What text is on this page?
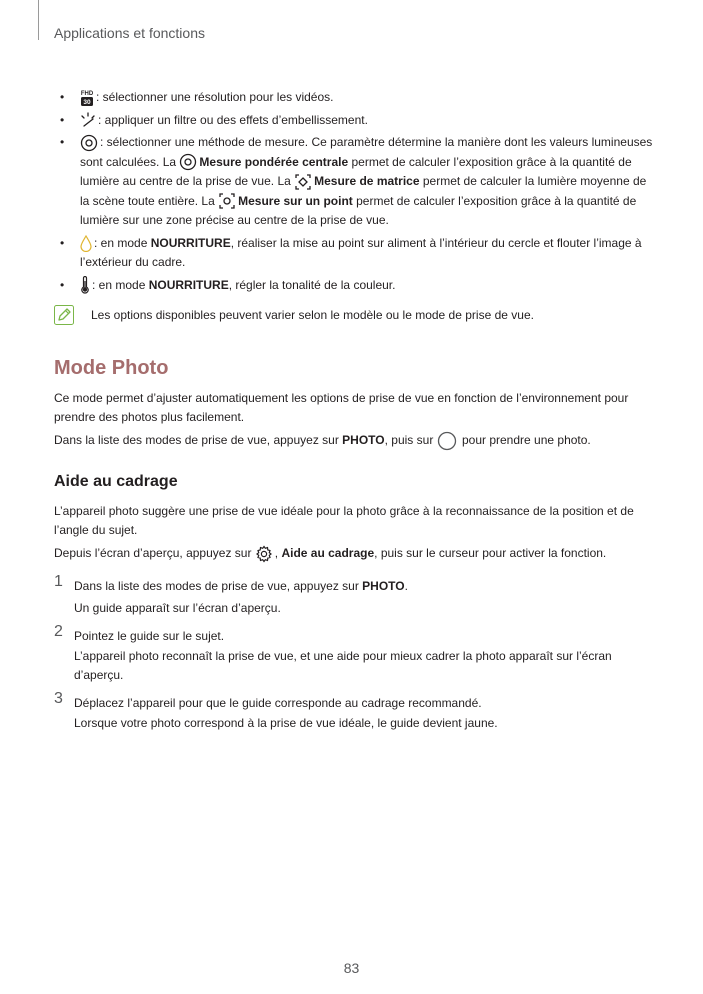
Applications et fonctions
•	FHD
30 : sélectionner une résolution pour les vidéos.
•	: appliquer un filtre ou des effets d’embellissement.
•	: sélectionner une méthode de mesure. Ce paramètre détermine la manière dont les valeurs lumineuses sont calculées. La Mesure pondérée centrale permet de calculer l’exposition grâce à la quantité de lumière au centre de la prise de vue. La Mesure de matrice permet de calculer la lumière moyenne de la scène toute entière. La Mesure sur un point permet de calculer l’exposition grâce à la quantité de lumière sur une zone précise au centre de la prise de vue.
• : en mode NOURRITURE, réaliser la mise au point sur aliment à l’intérieur du cercle et flouter l’image à l’extérieur du cadre.
• : en mode NOURRITURE, régler la tonalité de la couleur.
Les options disponibles peuvent varier selon le modèle ou le mode de prise de vue.
Mode Photo

Ce mode permet d’ajuster automatiquement les options de prise de vue en fonction de l’environnement pour prendre des photos plus facilement.

Dans la liste des modes de prise de vue, appuyez sur PHOTO, puis sur  pour prendre une photo.

Aide au cadrage

L’appareil photo suggère une prise de vue idéale pour la photo grâce à la reconnaissance de la position et de l’angle du sujet.

Depuis l’écran d’aperçu, appuyez sur , Aide au cadrage, puis sur le curseur pour activer la fonction.

1 Dans la liste des modes de prise de vue, appuyez sur PHOTO.
Un guide apparaît sur l’écran d’aperçu.
2 Pointez le guide sur le sujet.
L’appareil photo reconnaît la prise de vue, et une aide pour mieux cadrer la photo apparaît sur l’écran d’aperçu.
3 Déplacez l’appareil pour que le guide corresponde au cadrage recommandé.
Lorsque votre photo correspond à la prise de vue idéale, le guide devient jaune.
83
